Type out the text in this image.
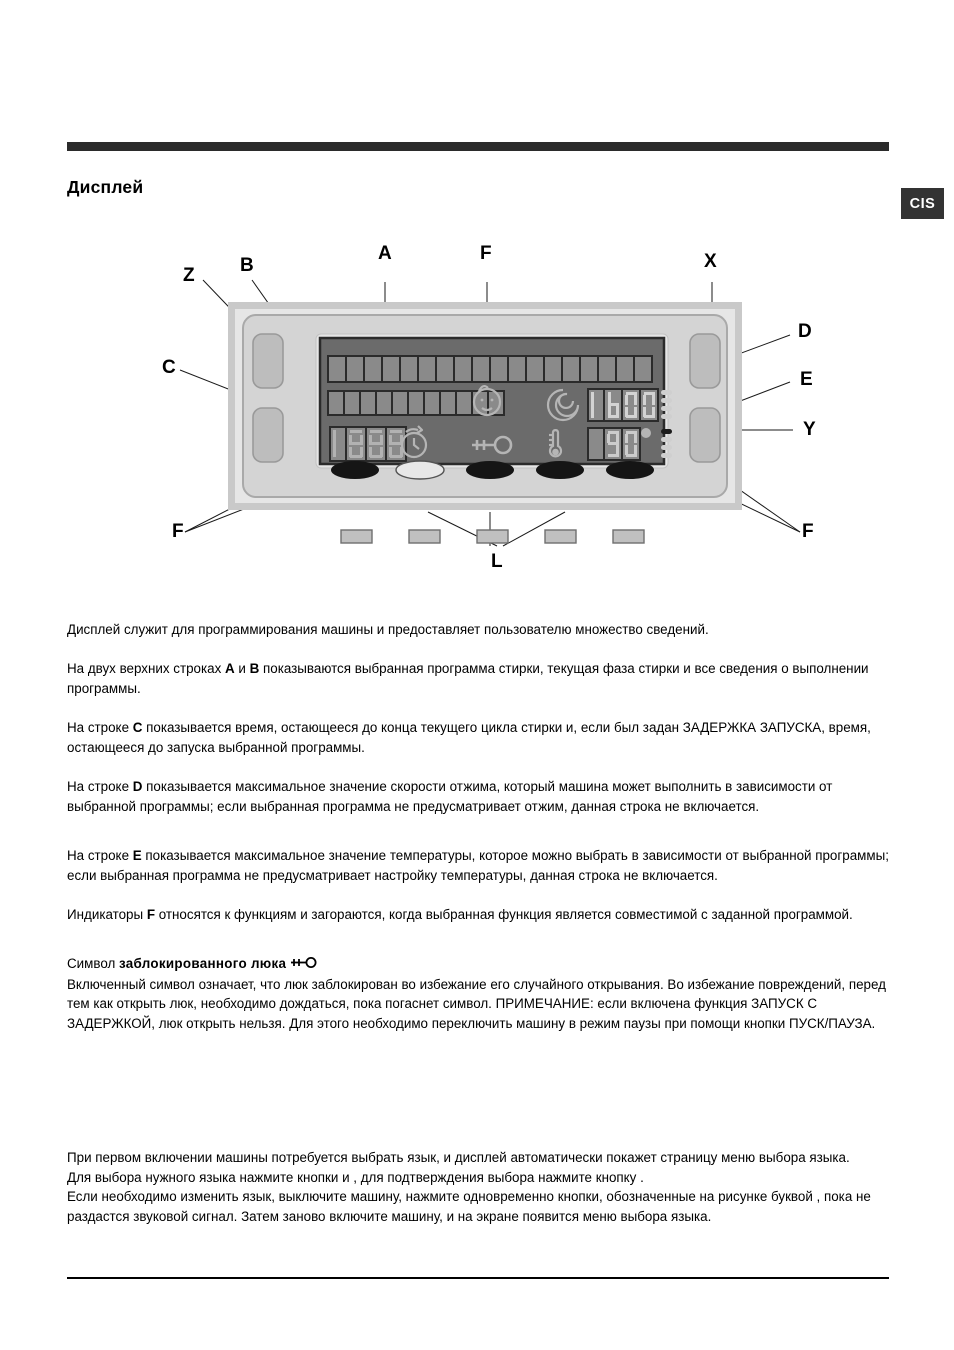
Дисплей
CIS
Z B
A	F	X
D
C
E
Y
F	F
L

Дисплей служит для программирования машины и предоставляет пользователю множество сведений.

На двух верхних строках A и B показываются выбранная программа стирки, текущая фаза стирки и все сведения о выполнении программы.

На строке C показывается время, остающееся до конца текущего цикла стирки и, если был задан ЗАДЕРЖКА ЗАПУСКА, время, остающееся до запуска выбранной программы.

На строке D показывается максимальное значение скорости отжима, который машина может выполнить в зависимости от выбранной программы; если выбранная программа не предусматривает отжим, данная строка не включается.

На строке E показывается максимальное значение температуры, которое можно выбрать в зависимости от выбранной программы; если выбранная программа не предусматривает настройку температуры, данная строка не включается.

Индикаторы F относятся к функциям и загораются, когда выбранная функция является совместимой с заданной программой.

Символ заблокированного люка

Включенный символ означает, что люк заблокирован во избежание его случайного открывания. Во избежание повреждений, перед тем как открыть люк, необходимо дождаться, пока погаснет символ. ПРИМЕЧАНИЕ: если включена функция ЗАПУСК С ЗАДЕРЖКОЙ, люк открыть нельзя. Для этого необходимо переключить машину в режим паузы при помощи кнопки ПУСК/ПАУЗА.

При первом включении машины потребуется выбрать язык, и дисплей автоматически покажет страницу меню выбора языка.

Для выбора нужного языка нажмите кнопки и , для подтверждения выбора нажмите кнопку .

Если необходимо изменить язык, выключите машину, нажмите одновременно кнопки, обозначенные на рисунке буквой , пока не раздастся звуковой сигнал. Затем заново включите машину, и на экране появится меню выбора языка.
